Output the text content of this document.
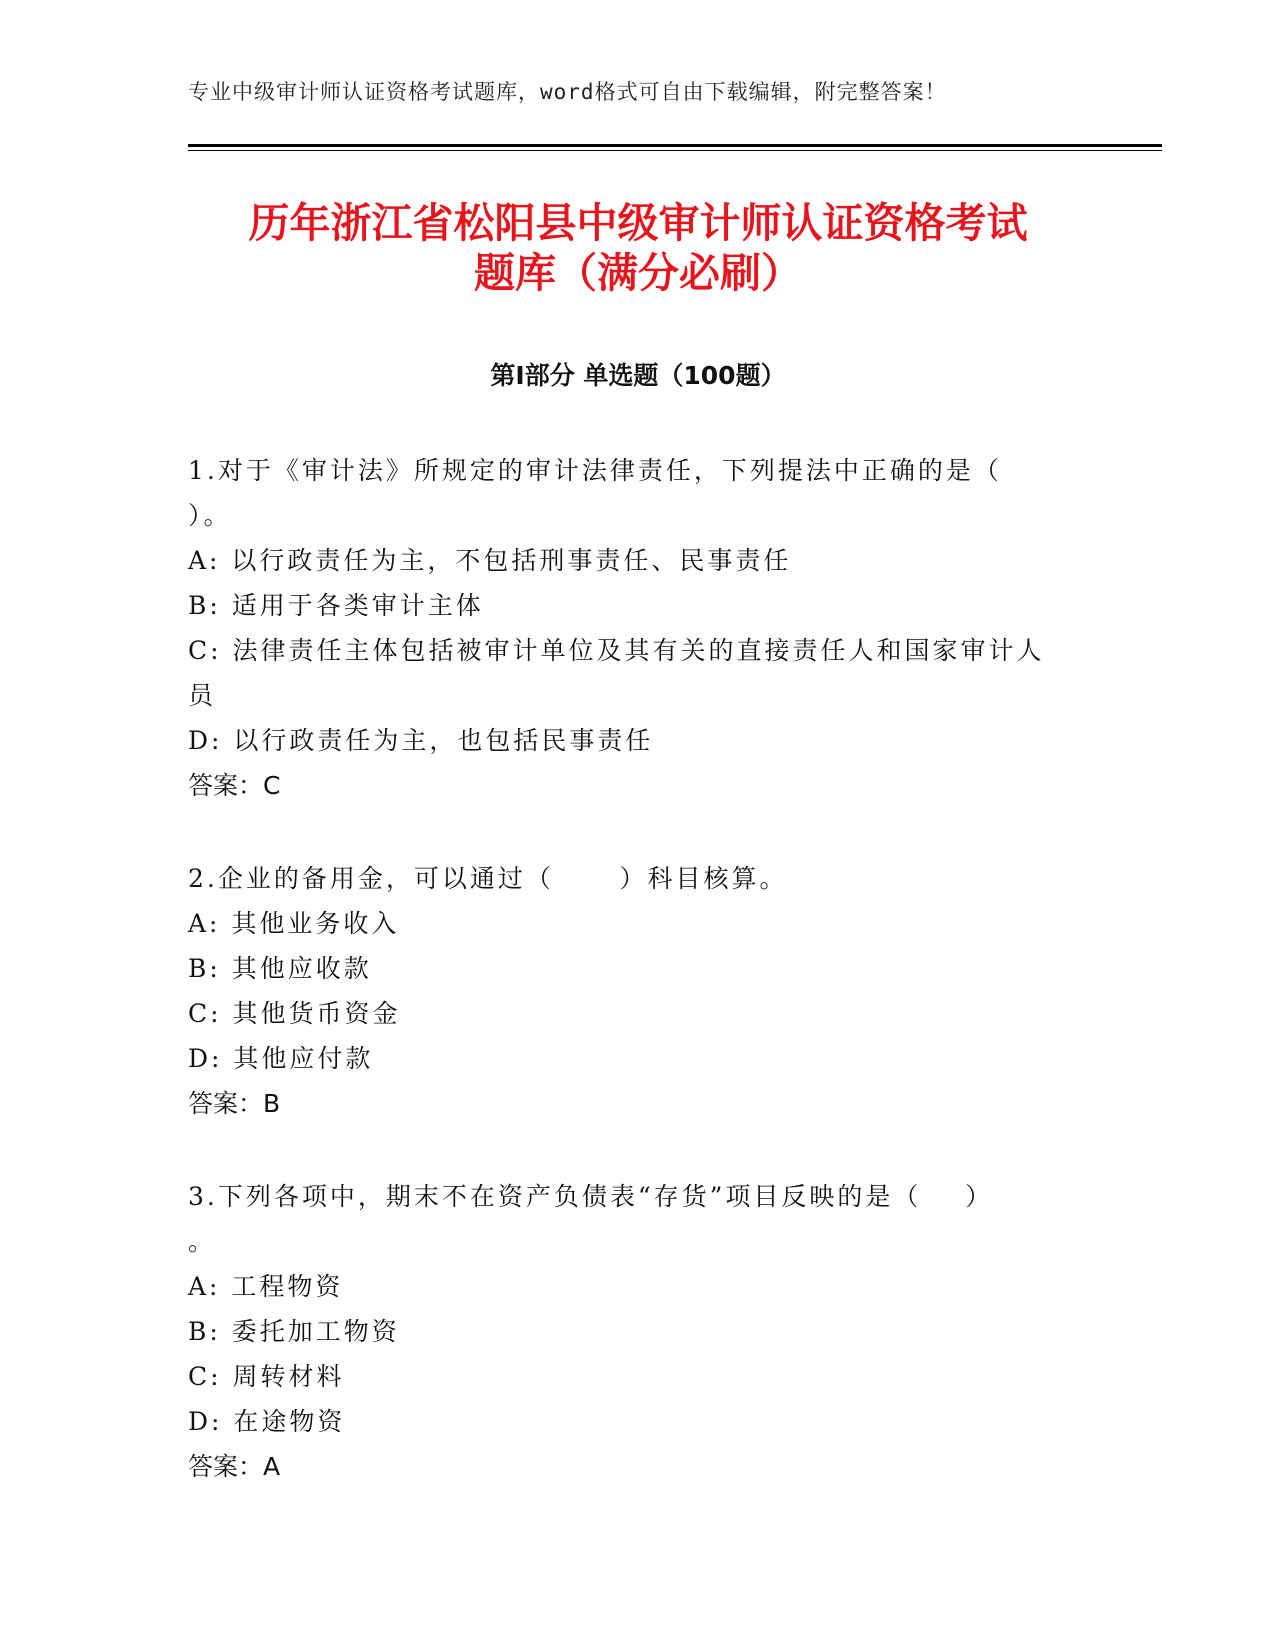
专业中级审计师认证资格考试题库，word格式可自由下载编辑，附完整答案！
历年浙江省松阳县中级审计师认证资格考试
题库（满分必刷）
第Ⅰ部分 单选题（100题）
1.对于《审计法》所规定的审计法律责任，下列提法中正确的是（
）。
A: 以行政责任为主，不包括刑事责任、民事责任
B: 适用于各类审计主体
C: 法律责任主体包括被审计单位及其有关的直接责任人和国家审计人
员
D: 以行政责任为主，也包括民事责任
答案：C
2.企业的备用金，可以通过（      ）科目核算。
A: 其他业务收入
B: 其他应收款
C: 其他货币资金
D: 其他应付款
答案：B
3.下列各项中，期末不在资产负债表“存货”项目反映的是（    ）
。
A: 工程物资
B: 委托加工物资
C: 周转材料
D: 在途物资
答案：A
